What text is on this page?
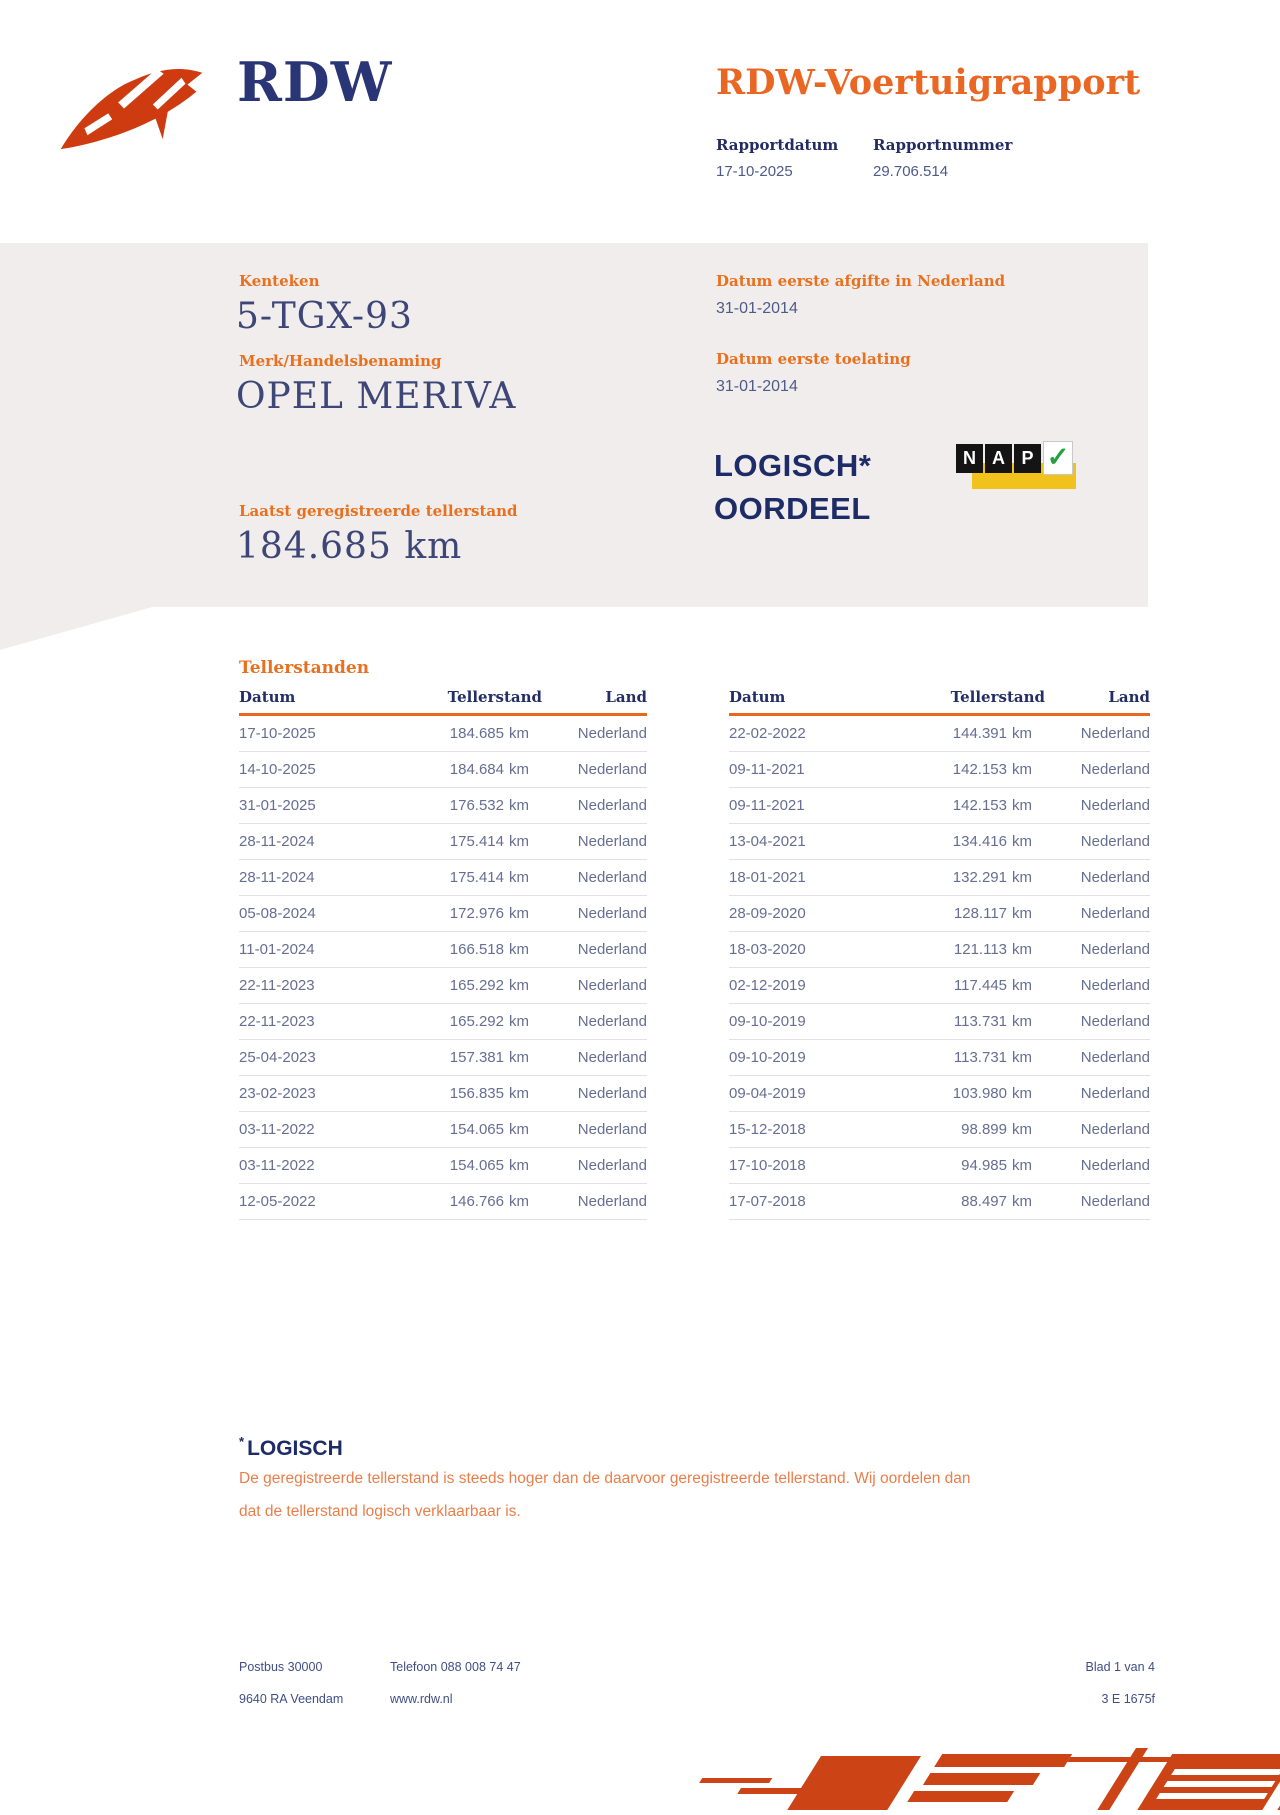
RDW	RDW-Voertuigrapport
Rapportdatum
17-10-2025
Rapportnummer
29.706.514
Kenteken
5-TGX-93
Merk/Handelsbenaming
OPEL MERIVA
Datum eerste afgifte in Nederland
31-01-2014
Datum eerste toelating
31-01-2014
LOGISCH*
OORDEEL
N A P ✓
Laatst geregistreerde tellerstand
184.685 km
Tellerstanden
Datum	Tellerstand	Land
17-10-2025	184.685 km	Nederland
14-10-2025	184.684 km	Nederland
31-01-2025	176.532 km	Nederland
28-11-2024	175.414 km	Nederland
28-11-2024	175.414 km	Nederland
05-08-2024	172.976 km	Nederland
11-01-2024	166.518 km	Nederland
22-11-2023	165.292 km	Nederland
22-11-2023	165.292 km	Nederland
25-04-2023	157.381 km	Nederland
23-02-2023	156.835 km	Nederland
03-11-2022	154.065 km	Nederland
03-11-2022	154.065 km	Nederland
12-05-2022	146.766 km	Nederland
Datum	Tellerstand	Land
22-02-2022	144.391 km	Nederland
09-11-2021	142.153 km	Nederland
09-11-2021	142.153 km	Nederland
13-04-2021	134.416 km	Nederland
18-01-2021	132.291 km	Nederland
28-09-2020	128.117 km	Nederland
18-03-2020	121.113 km	Nederland
02-12-2019	117.445 km	Nederland
09-10-2019	113.731 km	Nederland
09-10-2019	113.731 km	Nederland
09-04-2019	103.980 km	Nederland
15-12-2018	98.899 km	Nederland
17-10-2018	94.985 km	Nederland
17-07-2018	88.497 km	Nederland
* LOGISCH
De geregistreerde tellerstand is steeds hoger dan de daarvoor geregistreerde tellerstand. Wij oordelen dan
dat de tellerstand logisch verklaarbaar is.
Postbus 30000	Telefoon 088 008 74 47
9640 RA Veendam	www.rdw.nl
Blad 1 van 4
3 E 1675f
